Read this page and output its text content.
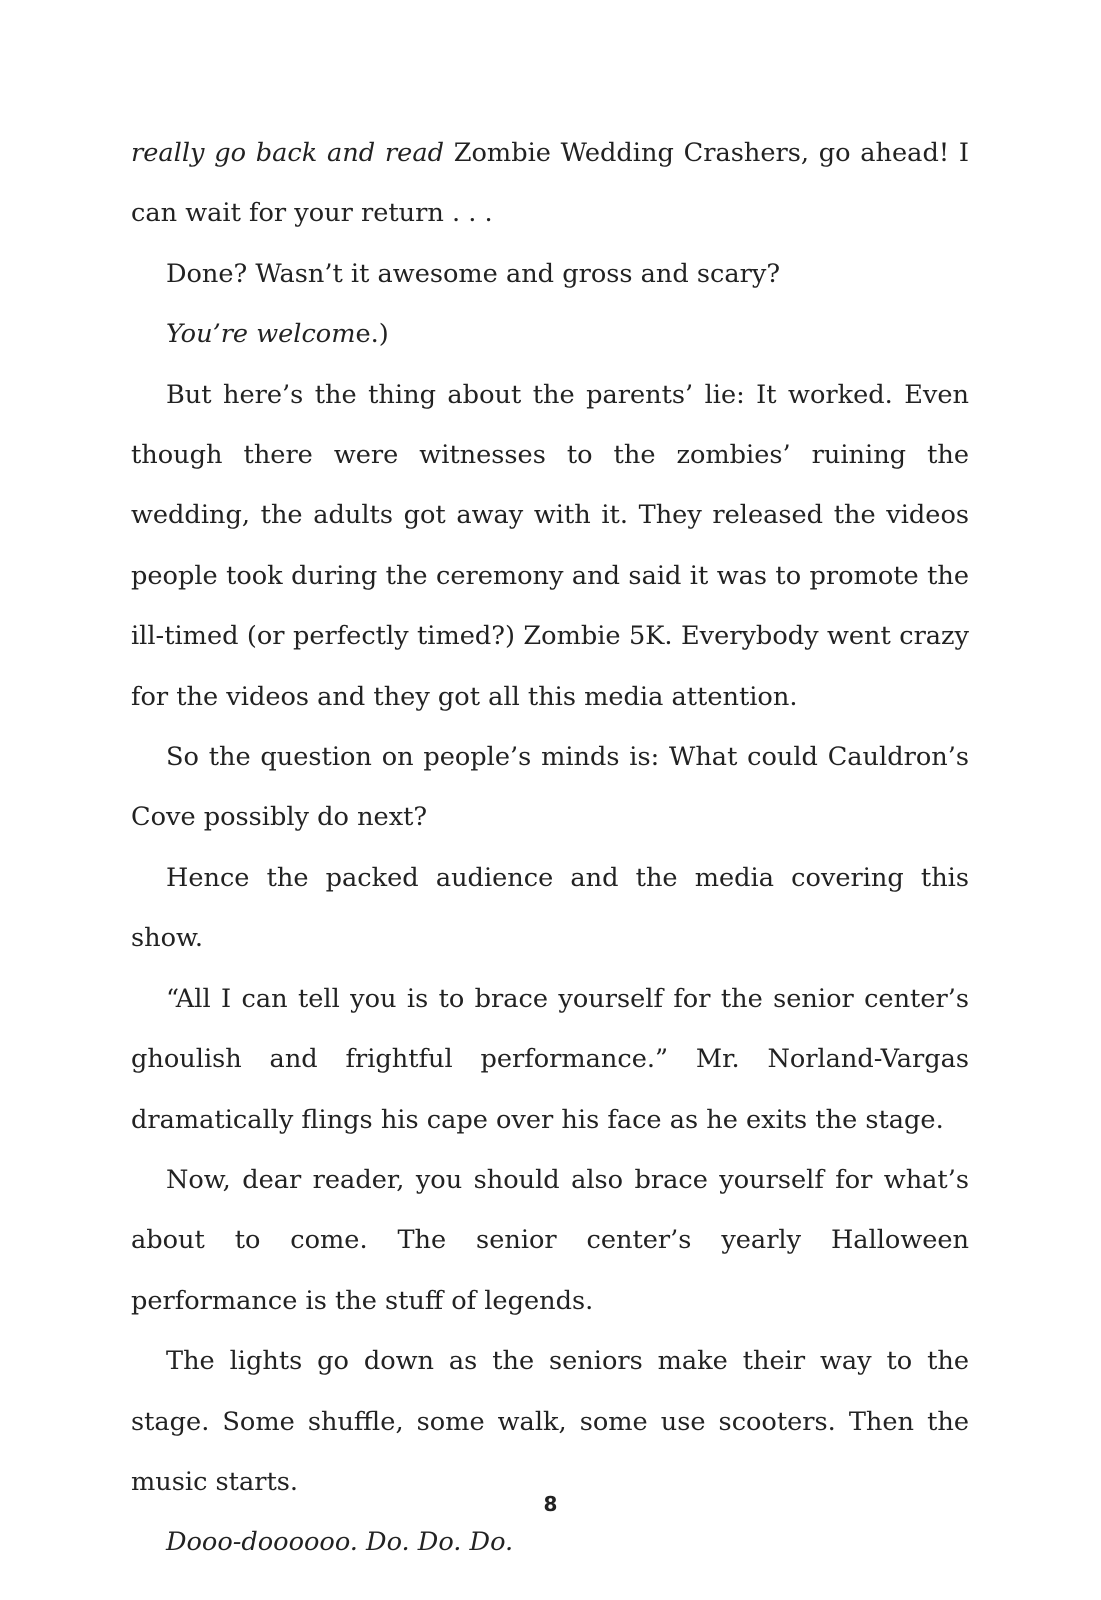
really go back and read Zombie Wedding Crashers, go ahead! I can wait for your return . . .

Done? Wasn’t it awesome and gross and scary?

You’re welcome.)

But here’s the thing about the parents’ lie: It worked. Even though there were witnesses to the zombies’ ruining the wedding, the adults got away with it. They released the videos people took during the ceremony and said it was to promote the ill-timed (or perfectly timed?) Zombie 5K. Everybody went crazy for the videos and they got all this media attention.

So the question on people’s minds is: What could Cauldron’s Cove possibly do next?

Hence the packed audience and the media covering this show.

“All I can tell you is to brace yourself for the senior center’s ghoulish and frightful performance.” Mr. Norland-Vargas dramatically flings his cape over his face as he exits the stage.

Now, dear reader, you should also brace yourself for what’s about to come. The senior center’s yearly Halloween performance is the stuff of legends.

The lights go down as the seniors make their way to the stage. Some shuffle, some walk, some use scooters. Then the music starts.

Dooo-doooooo. Do. Do. Do.

8
